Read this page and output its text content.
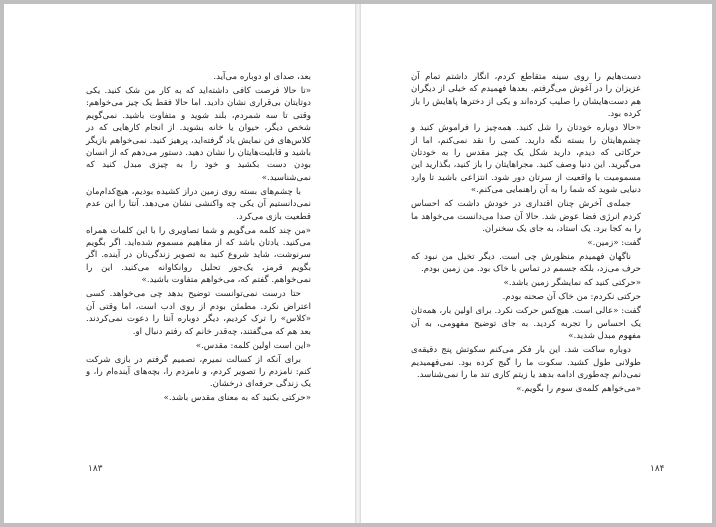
بعد، صدای او دوباره می‌آید.

«تا حالا فرصت کافی داشته‌اید که به کار من شک کنید. یکی دوتایتان بی‌قراری نشان دادید. اما حالا فقط یک چیز می‌خواهم: وقتی تا سه شمردم، بلند شوید و متفاوت باشید. نمی‌گویم شخص دیگر، حیوان یا خانه بشوید. از انجام کارهایی که در کلاس‌های فن نمایش یاد گرفته‌اید، پرهیز کنید. نمی‌خواهم بازیگر باشید و قابلیت‌هایتان را نشان دهید. دستور می‌دهم که از انسان بودن دست بکشید و خود را به چیزی مبدل کنید که نمی‌شناسید.»

با چشم‌های بسته روی زمین دراز کشیده بودیم، هیچ‌کدام‌مان نمی‌دانستیم آن یکی چه واکنشی نشان می‌دهد. آنتا را این عدم قطعیت بازی می‌کرد.

«من چند کلمه می‌گویم و شما تصاویری را با این کلمات همراه می‌کنید. یادتان باشد که از مفاهیم مسموم شده‌اید. اگر بگویم سرنوشت، شاید شروع کنید به تصویر زندگی‌تان در آینده. اگر بگویم قرمز، یک‌جور تحلیل روانکاوانه می‌کنید. این را نمی‌خواهم. گفتم که، می‌خواهم متفاوت باشید.»

حتا درست نمی‌توانست توضیح بدهد چی می‌خواهد. کسی اعتراض نکرد. مطمئن بودم از روی ادب است، اما وقتی آن «کلاس» را ترک کردیم، دیگر دوباره آنتا را دعوت نمی‌کردند. بعد هم که می‌گفتند، چه‌قدر خانم که رفتم دنبال او.

«این است اولین کلمه: مقدس.»

برای آنکه از کسالت نمیرم، تصمیم گرفتم در بازی شرکت کنم: نامزدم را تصویر کردم، و نامزدم را، بچه‌های آینده‌ام را، و یک زندگی حرفه‌ای درخشان.

«حرکتی بکنید که به معنای مقدس باشد.»

۱۸۳

دست‌هایم را روی سینه متقاطع کردم، انگار داشتم تمام آن عزیزان را در آغوش می‌گرفتم. بعدها فهمیدم که خیلی از دیگران هم دست‌هایشان را صلیب کرده‌اند و یکی از دخترها پاهایش را باز کرده بود.

«حالا دوباره خودتان را شل کنید. همه‌چیز را فراموش کنید و چشم‌هایتان را بسته نگه دارید. کسی را نقد نمی‌کنم، اما از حرکاتی که دیدم، دارید شکل یک چیز مقدس را به خودتان می‌گیرید. این دنیا وصف کنید. مجراهایتان را باز کنید، بگذارید این مسمومیت با واقعیت از سرتان دور شود. انتزاعی باشید تا وارد دنیایی شوید که شما را به آن راهنمایی می‌کنم.»

جمله‌ی آخرش چنان اقتداری در خودش داشت که احساس کردم انرژی فضا عوض شد. حالا آن صدا می‌دانست می‌خواهد ما را به کجا برد. یک استاد، به جای یک سخنران.

گفت: «زمین.»

ناگهان فهمیدم منظورش چی است. دیگر تخیل من نبود که حرف می‌زد، بلکه جسمم در تماس با خاک بود. من زمین بودم.

«حرکتی کنید که نمایشگر زمین باشد.»

حرکتی نکردم: من خاک آن صحنه بودم.

گفت: «عالی است. هیچ‌کس حرکت نکرد. برای اولین بار، همه‌تان یک احساس را تجربه کردید. به جای توضیح مفهومی، به آن مفهوم مبدل شدید.»

دوباره ساکت شد. این بار فکر می‌کنم سکوتش پنج دقیقه‌ی طولانی طول کشید. سکوت ما را گیج کرده بود. نمی‌فهمیدیم نمی‌دانم چه‌طوری ادامه بدهد یا زیتم کاری تند ما را نمی‌شناسد.

«می‌خواهم کلمه‌ی سوم را بگویم.»

۱۸۴
